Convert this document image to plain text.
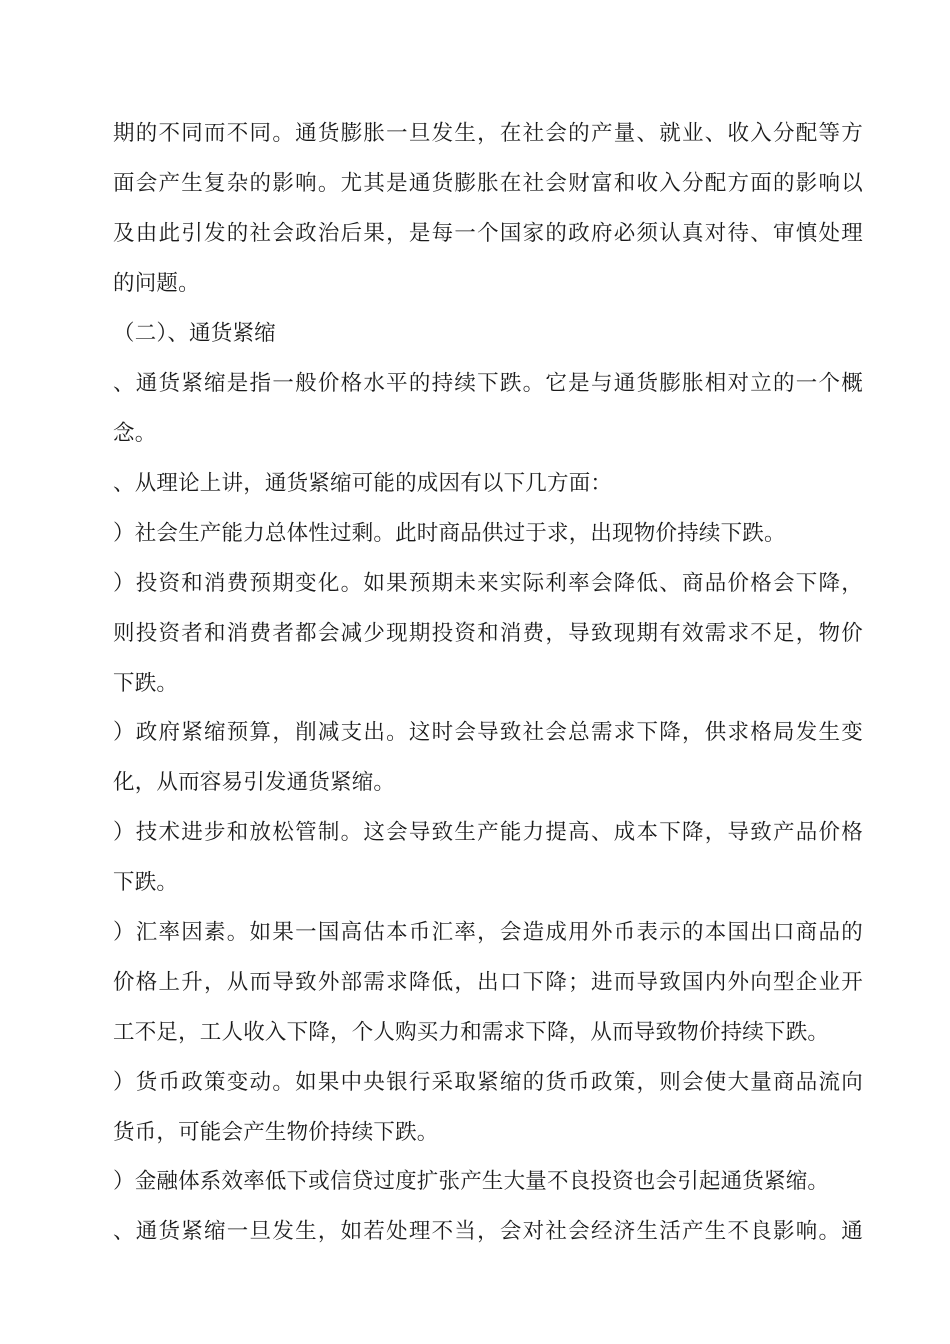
期的不同而不同。通货膨胀一旦发生，在社会的产量、就业、收入分配等方
面会产生复杂的影响。尤其是通货膨胀在社会财富和收入分配方面的影响以
及由此引发的社会政治后果，是每一个国家的政府必须认真对待、审慎处理
的问题。
（二）、通货紧缩
、通货紧缩是指一般价格水平的持续下跌。它是与通货膨胀相对立的一个概
念。
、从理论上讲，通货紧缩可能的成因有以下几方面：
）社会生产能力总体性过剩。此时商品供过于求，出现物价持续下跌。
）投资和消费预期变化。如果预期未来实际利率会降低、商品价格会下降，
则投资者和消费者都会减少现期投资和消费，导致现期有效需求不足，物价
下跌。
）政府紧缩预算，削减支出。这时会导致社会总需求下降，供求格局发生变
化，从而容易引发通货紧缩。
）技术进步和放松管制。这会导致生产能力提高、成本下降，导致产品价格
下跌。
）汇率因素。如果一国高估本币汇率，会造成用外币表示的本国出口商品的
价格上升，从而导致外部需求降低，出口下降；进而导致国内外向型企业开
工不足，工人收入下降，个人购买力和需求下降，从而导致物价持续下跌。
）货币政策变动。如果中央银行采取紧缩的货币政策，则会使大量商品流向
货币，可能会产生物价持续下跌。
）金融体系效率低下或信贷过度扩张产生大量不良投资也会引起通货紧缩。
、通货紧缩一旦发生，如若处理不当，会对社会经济生活产生不良影响。通
